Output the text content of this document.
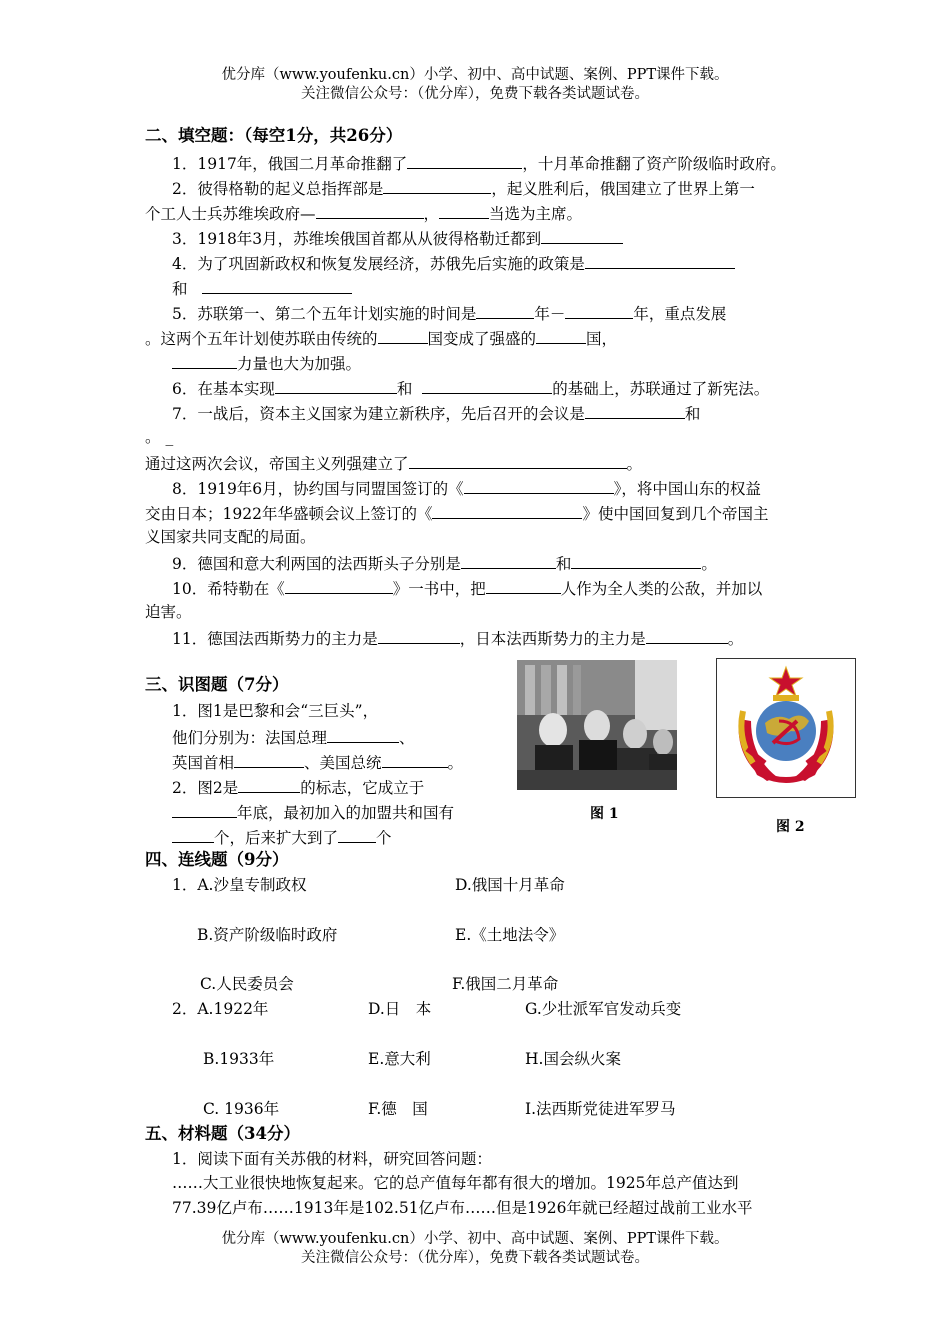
优分库（www.youfenku.cn）小学、初中、高中试题、案例、PPT课件下载。
关注微信公众号：（优分库），免费下载各类试题试卷。
二、填空题：（每空1分，共26分）
1．1917年，俄国二月革命推翻了	，十月革命推翻了资产阶级临时政府。
2．彼得格勒的起义总指挥部是	，起义胜利后，俄国建立了世界上第一
个工人士兵苏维埃政府—	，	当选为主席。
3．1918年3月，苏维埃俄国首都从从彼得格勒迁都到
4．为了巩固新政权和恢复发展经济，苏俄先后实施的政策是
和
5．苏联第一、第二个五年计划实施的时间是	年－	年，重点发展
。这两个五年计划使苏联由传统的	国变成了强盛的	国，
力量也大为加强。
6．在基本实现	和	的基础上，苏联通过了新宪法。
7．一战后，资本主义国家为建立新秩序，先后召开的会议是	和
。 _
通过这两次会议，帝国主义列强建立了	。
8．1919年6月，协约国与同盟国签订的《	》，将中国山东的权益
交由日本；1922年华盛顿会议上签订的《	》使中国回复到几个帝国主
义国家共同支配的局面。
9．德国和意大利两国的法西斯头子分别是	和	。
10．希特勒在《	》一书中，把	人作为全人类的公敌，并加以
迫害。
11．德国法西斯势力的主力是	，日本法西斯势力的主力是	。
三、识图题（7分）
1．图1是巴黎和会“三巨头”，
他们分别为：法国总理	、
英国首相	、美国总统	。
2．图2是	的标志，它成立于
年底，最初加入的加盟共和国有
个，后来扩大到了 个
图 1
图 2
四、连线题（9分）
1．A.沙皇专制政权	D.俄国十月革命
B.资产阶级临时政府	E.《土地法令》
C.人民委员会	F.俄国二月革命
2．A.1922年	D.日　本	G.少壮派军官发动兵变
B.1933年	E.意大利	H.国会纵火案
C. 1936年	F.德　国	I.法西斯党徒进军罗马
五、材料题（34分）
1．阅读下面有关苏俄的材料，研究回答问题：
……大工业很快地恢复起来。它的总产值每年都有很大的增加。1925年总产值达到
77.39亿卢布……1913年是102.51亿卢布……但是1926年就已经超过战前工业水平
优分库（www.youfenku.cn）小学、初中、高中试题、案例、PPT课件下载。
关注微信公众号：（优分库），免费下载各类试题试卷。
